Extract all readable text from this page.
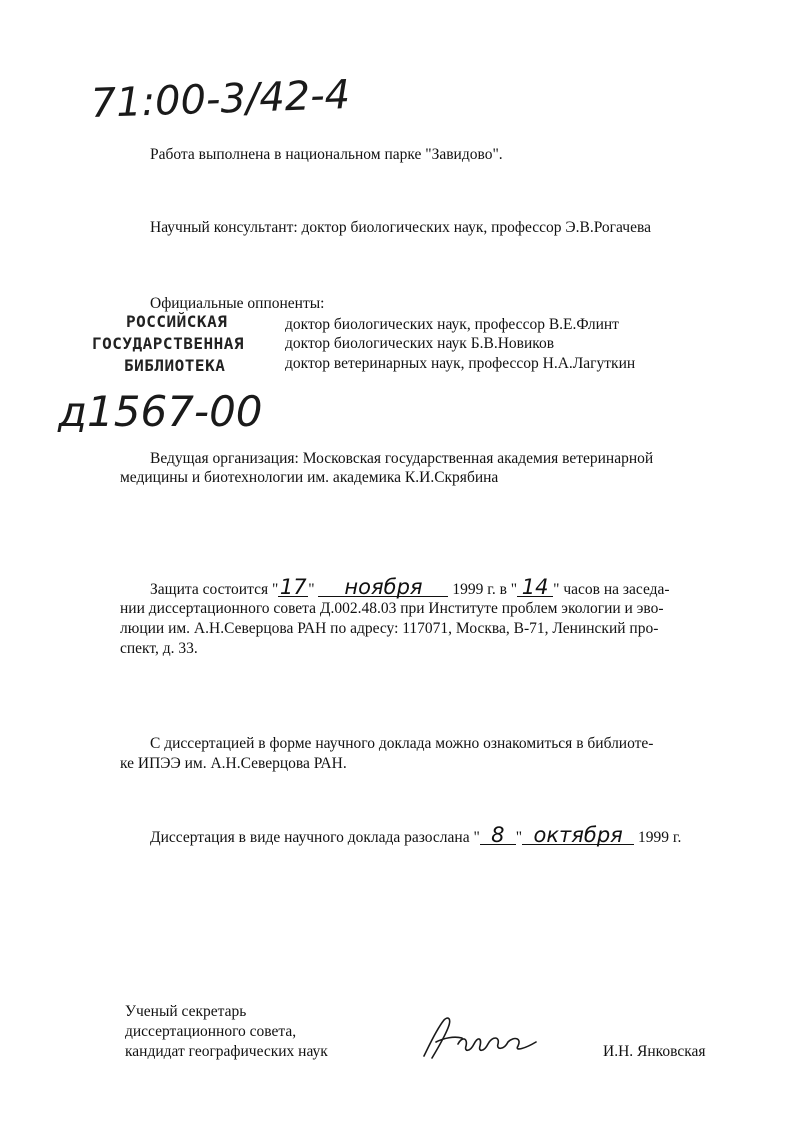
71:00-3/42-4
Работа выполнена в национальном парке "Завидово".
Научный консультант: доктор биологических наук, профессор Э.В.Рогачева
Официальные оппоненты:
РОССИЙСКАЯ
ГОСУДАРСТВЕННАЯ
БИБЛИОТЕКА
доктор биологических наук, профессор В.Е.Флинт
доктор биологических наук Б.В.Новиков
доктор ветеринарных наук, профессор Н.А.Лагуткин
д1567-00
Ведущая организация: Московская государственная академия ветеринарной
медицины и биотехнологии им. академика К.И.Скрябина
Защита состоится "17 " ноября 1999 г. в " 14 " часов на заседа-
нии диссертационного совета Д.002.48.03 при Институте проблем экологии и эво-
люции им. А.Н.Северцова РАН по адресу: 117071, Москва, В-71, Ленинский про-
спект, д. 33.
С диссертацией в форме научного доклада можно ознакомиться в библиоте-
ке ИПЭЭ им. А.Н.Северцова РАН.
Диссертация в виде научного доклада разослана " 8 " октября 1999 г.
Ученый секретарь
диссертационного совета,
кандидат географических наук	И.Н. Янковская
